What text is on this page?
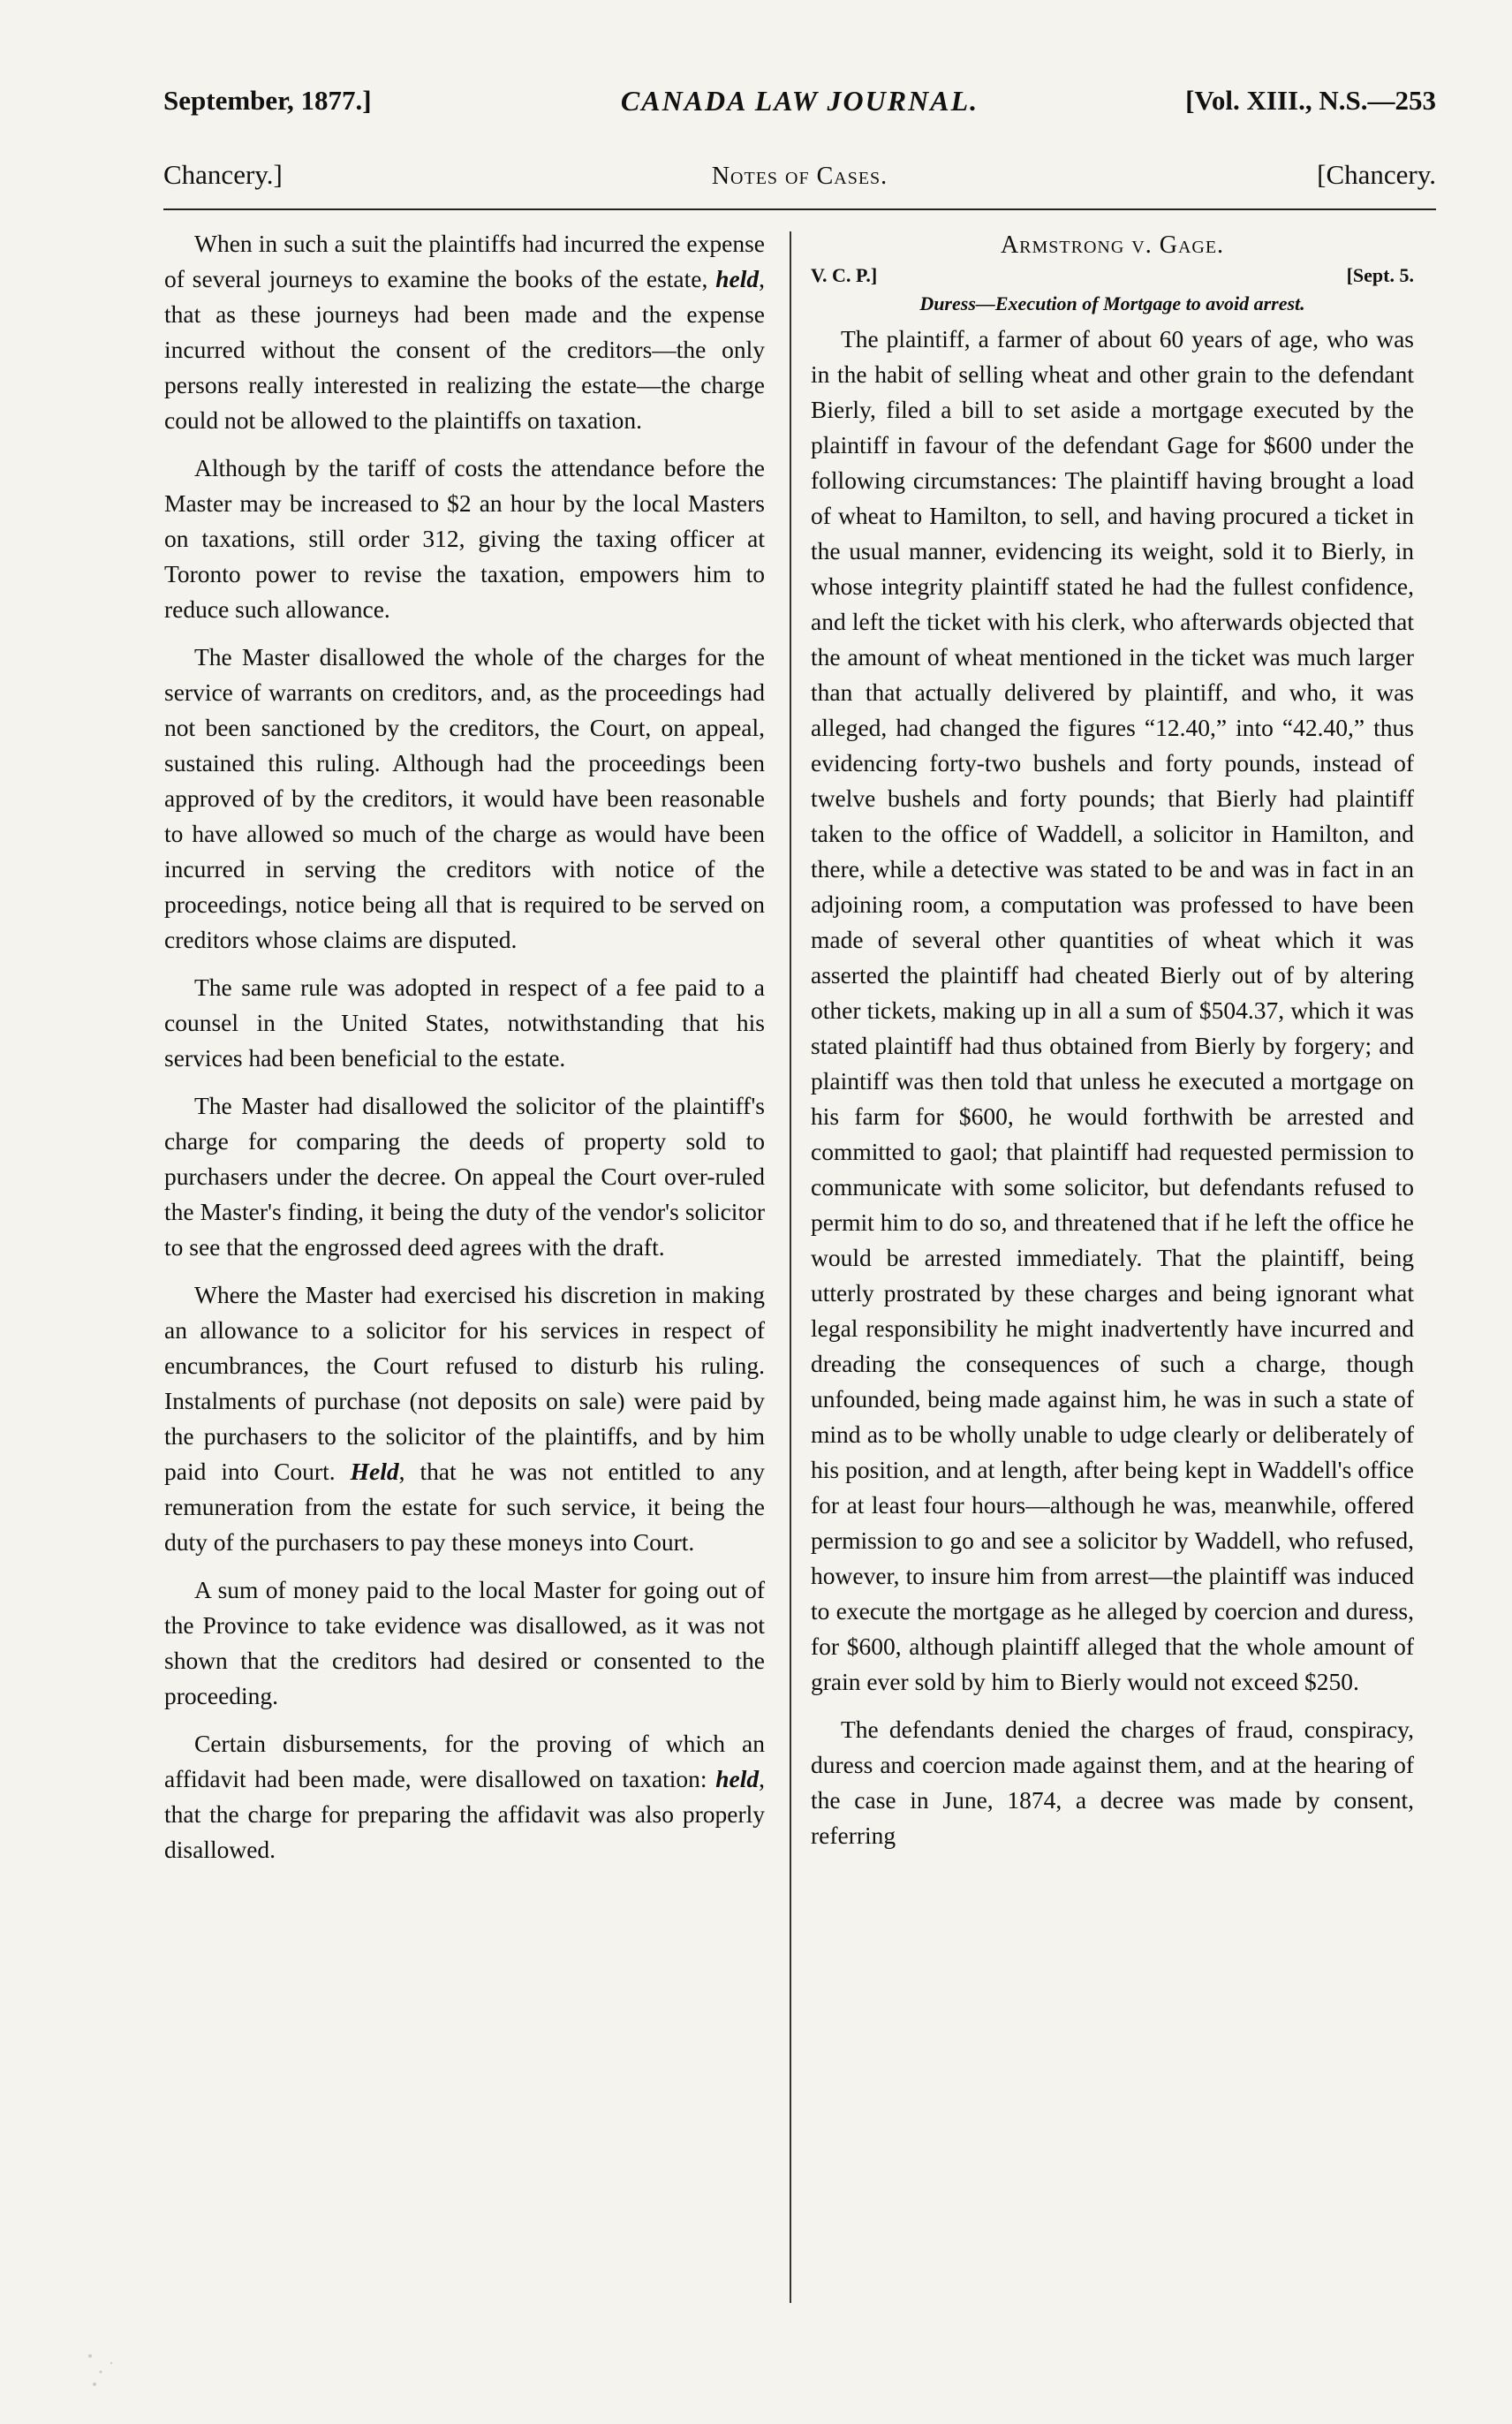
September, 1877.]	CANADA LAW JOURNAL.	[Vol. XIII., N.S.—253
Chancery.]	Notes of Cases.	[Chancery.

When in such a suit the plaintiffs had incurred the expense of several journeys to examine the books of the estate, held, that as these journeys had been made and the expense incurred without the consent of the creditors—the only persons really interested in realizing the estate—the charge could not be allowed to the plaintiffs on taxation.

Although by the tariff of costs the attendance before the Master may be increased to $2 an hour by the local Masters on taxations, still order 312, giving the taxing officer at Toronto power to revise the taxation, empowers him to reduce such allowance.

The Master disallowed the whole of the charges for the service of warrants on creditors, and, as the proceedings had not been sanctioned by the creditors, the Court, on appeal, sustained this ruling. Although had the proceedings been approved of by the creditors, it would have been reasonable to have allowed so much of the charge as would have been incurred in serving the creditors with notice of the proceedings, notice being all that is required to be served on creditors whose claims are disputed.

The same rule was adopted in respect of a fee paid to a counsel in the United States, notwithstanding that his services had been beneficial to the estate.

The Master had disallowed the solicitor of the plaintiff's charge for comparing the deeds of property sold to purchasers under the decree. On appeal the Court over-ruled the Master's finding, it being the duty of the vendor's solicitor to see that the engrossed deed agrees with the draft.

Where the Master had exercised his discretion in making an allowance to a solicitor for his services in respect of encumbrances, the Court refused to disturb his ruling. Instalments of purchase (not deposits on sale) were paid by the purchasers to the solicitor of the plaintiffs, and by him paid into Court. Held, that he was not entitled to any remuneration from the estate for such service, it being the duty of the purchasers to pay these moneys into Court.

A sum of money paid to the local Master for going out of the Province to take evidence was disallowed, as it was not shown that the creditors had desired or consented to the proceeding.

Certain disbursements, for the proving of which an affidavit had been made, were disallowed on taxation: held, that the charge for preparing the affidavit was also properly disallowed.

Armstrong v. Gage.
V. C. P.]	[Sept. 5.
Duress—Execution of Mortgage to avoid arrest.

The plaintiff, a farmer of about 60 years of age, who was in the habit of selling wheat and other grain to the defendant Bierly, filed a bill to set aside a mortgage executed by the plaintiff in favour of the defendant Gage for $600 under the following circumstances: The plaintiff having brought a load of wheat to Hamilton, to sell, and having procured a ticket in the usual manner, evidencing its weight, sold it to Bierly, in whose integrity plaintiff stated he had the fullest confidence, and left the ticket with his clerk, who afterwards objected that the amount of wheat mentioned in the ticket was much larger than that actually delivered by plaintiff, and who, it was alleged, had changed the figures “12.40,” into “42.40,” thus evidencing forty-two bushels and forty pounds, instead of twelve bushels and forty pounds; that Bierly had plaintiff taken to the office of Waddell, a solicitor in Hamilton, and there, while a detective was stated to be and was in fact in an adjoining room, a computation was professed to have been made of several other quantities of wheat which it was asserted the plaintiff had cheated Bierly out of by altering other tickets, making up in all a sum of $504.37, which it was stated plaintiff had thus obtained from Bierly by forgery; and plaintiff was then told that unless he executed a mortgage on his farm for $600, he would forthwith be arrested and committed to gaol; that plaintiff had requested permission to communicate with some solicitor, but defendants refused to permit him to do so, and threatened that if he left the office he would be arrested immediately. That the plaintiff, being utterly prostrated by these charges and being ignorant what legal responsibility he might inadvertently have incurred and dreading the consequences of such a charge, though unfounded, being made against him, he was in such a state of mind as to be wholly unable to udge clearly or deliberately of his position, and at length, after being kept in Waddell's office for at least four hours—although he was, meanwhile, offered permission to go and see a solicitor by Waddell, who refused, however, to insure him from arrest—the plaintiff was induced to execute the mortgage as he alleged by coercion and duress, for $600, although plaintiff alleged that the whole amount of grain ever sold by him to Bierly would not exceed $250.

The defendants denied the charges of fraud, conspiracy, duress and coercion made against them, and at the hearing of the case in June, 1874, a decree was made by consent, referring
